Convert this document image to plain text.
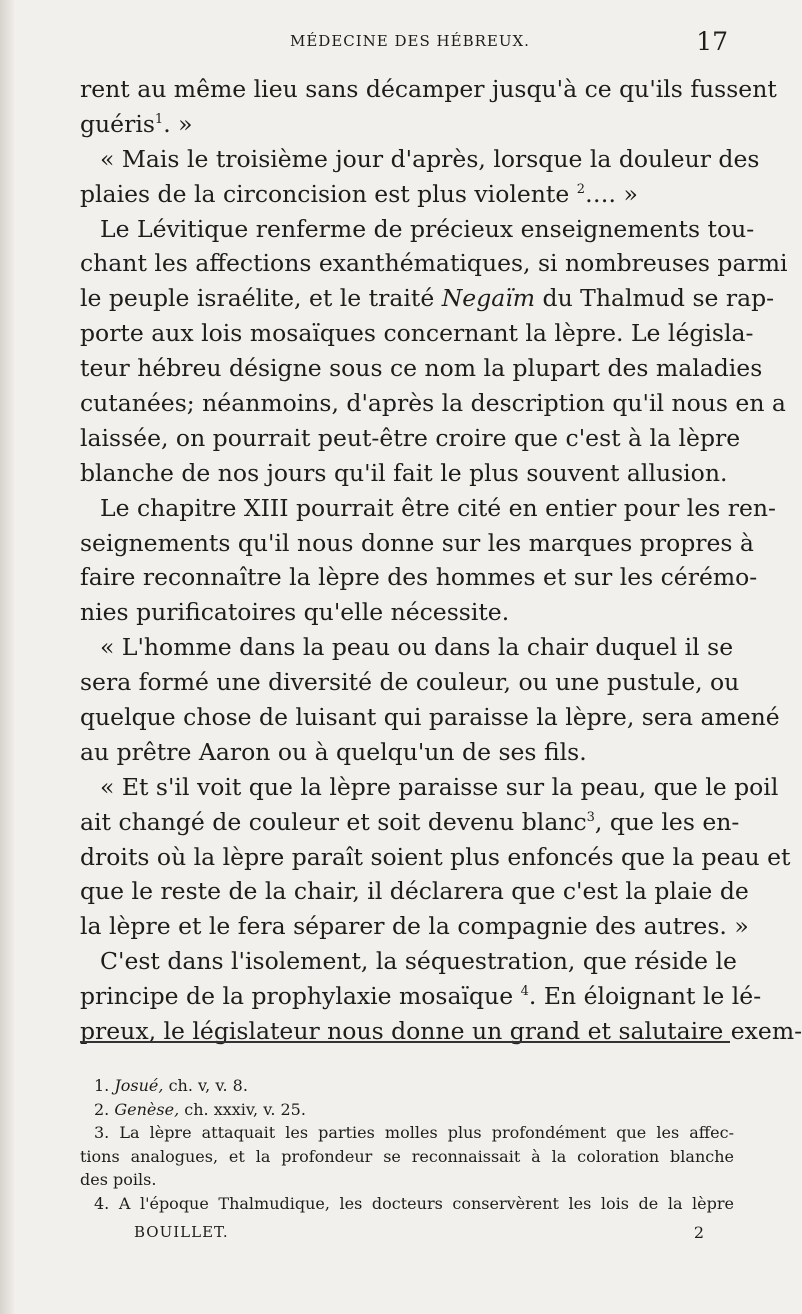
MÉDECINE DES HÉBREUX.	17
rent au même lieu sans décamper jusqu'à ce qu'ils fussent
guéris$^1$. »
« Mais le troisième jour d'après, lorsque la douleur des
plaies de la circoncision est plus violente $^2$…. »
Le Lévitique renferme de précieux enseignements tou-
chant les affections exanthématiques, si nombreuses parmi
le peuple israélite, et le traité Negaïm du Thalmud se rap-
porte aux lois mosaïques concernant la lèpre. Le législa-
teur hébreu désigne sous ce nom la plupart des maladies
cutanées; néanmoins, d'après la description qu'il nous en a
laissée, on pourrait peut-être croire que c'est à la lèpre
blanche de nos jours qu'il fait le plus souvent allusion.
Le chapitre XIII pourrait être cité en entier pour les ren-
seignements qu'il nous donne sur les marques propres à
faire reconnaître la lèpre des hommes et sur les cérémo-
nies purificatoires qu'elle nécessite.
« L'homme dans la peau ou dans la chair duquel il se
sera formé une diversité de couleur, ou une pustule, ou
quelque chose de luisant qui paraisse la lèpre, sera amené
au prêtre Aaron ou à quelqu'un de ses fils.
« Et s'il voit que la lèpre paraisse sur la peau, que le poil
ait changé de couleur et soit devenu blanc$^3$, que les en-
droits où la lèpre paraît soient plus enfoncés que la peau et
que le reste de la chair, il déclarera que c'est la plaie de
la lèpre et le fera séparer de la compagnie des autres. »
C'est dans l'isolement, la séquestration, que réside le
principe de la prophylaxie mosaïque $^4$. En éloignant le lé-
preux, le législateur nous donne un grand et salutaire exem-
1. Josué, ch. v, v. 8.
2. Genèse, ch. xxxiv, v. 25.
3. La lèpre attaquait les parties molles plus profondément que les affec-
tions analogues, et la profondeur se reconnaissait à la coloration blanche
des poils.
4. A l'époque Thalmudique, les docteurs conservèrent les lois de la lèpre
BOUILLET.	2
